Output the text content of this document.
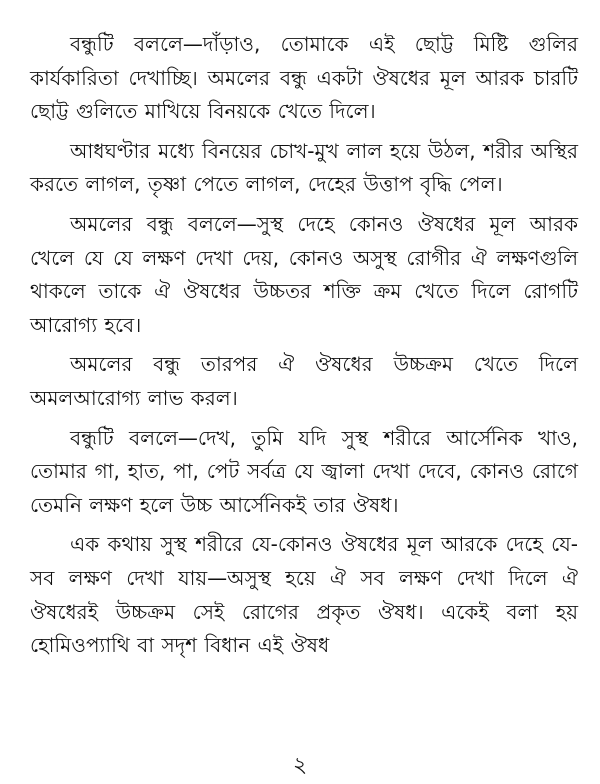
বন্ধুটি বললে—দাঁড়াও, তোমাকে এই ছোট্ট মিষ্টি গুলির কার্যকারিতা দেখাচ্ছি। অমলের বন্ধু একটা ঔষধের মূল আরক চারটি ছোট্ট গুলিতে মাখিয়ে বিনয়কে খেতে দিলে।

আধঘণ্টার মধ্যে বিনয়ের চোখ-মুখ লাল হয়ে উঠল, শরীর অস্থির করতে লাগল, তৃষ্ণা পেতে লাগল, দেহের উত্তাপ বৃদ্ধি পেল।

অমলের বন্ধু বললে—সুস্থ দেহে কোনও ঔষধের মূল আরক খেলে যে যে লক্ষণ দেখা দেয়, কোনও অসুস্থ রোগীর ঐ লক্ষণগুলি থাকলে তাকে ঐ ঔষধের উচ্চতর শক্তি ক্রম খেতে দিলে রোগটি আরোগ্য হবে।

অমলের বন্ধু তারপর ঐ ঔষধের উচ্চক্রম খেতে দিলে অমলআরোগ্য লাভ করল।

বন্ধুটি বললে—দেখ, তুমি যদি সুস্থ শরীরে আর্সেনিক খাও, তোমার গা, হাত, পা, পেট সর্বত্র যে জ্বালা দেখা দেবে, কোনও রোগে তেমনি লক্ষণ হলে উচ্চ আর্সেনিকই তার ঔষধ।

এক কথায় সুস্থ শরীরে যে-কোনও ঔষধের মূল আরকে দেহে যে-সব লক্ষণ দেখা যায়—অসুস্থ হয়ে ঐ সব লক্ষণ দেখা দিলে ঐ ঔষধেরই উচ্চক্রম সেই রোগের প্রকৃত ঔষধ। একেই বলা হয় হোমিওপ্যাথি বা সদৃশ বিধান এই ঔষধ

২
